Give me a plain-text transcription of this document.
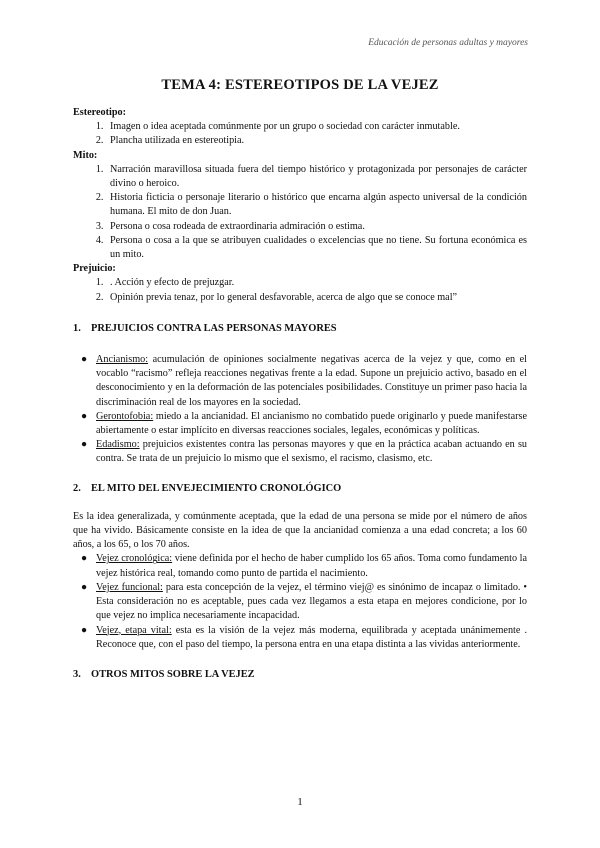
Educación de personas adultas y mayores
TEMA 4: ESTEREOTIPOS DE LA VEJEZ

Estereotipo:

1. Imagen o idea aceptada comúnmente por un grupo o sociedad con carácter inmutable.
2. Plancha utilizada en estereotipia.

Mito:

1. Narración maravillosa situada fuera del tiempo histórico y protagonizada por personajes de carácter divino o heroico.
2. Historia ficticia o personaje literario o histórico que encarna algún aspecto universal de la condición humana. El mito de don Juan.
3. Persona o cosa rodeada de extraordinaria admiración o estima.
4. Persona o cosa a la que se atribuyen cualidades o excelencias que no tiene. Su fortuna económica es un mito.

Prejuicio:

1. . Acción y efecto de prejuzgar.
2. Opinión previa tenaz, por lo general desfavorable, acerca de algo que se conoce mal”
1. PREJUICIOS CONTRA LAS PERSONAS MAYORES
● Ancianismo: acumulación de opiniones socialmente negativas acerca de la vejez y que, como en el vocablo “racismo” refleja reacciones negativas frente a la edad. Supone un prejuicio activo, basado en el desconocimiento y en la deformación de las potenciales posibilidades. Constituye un primer paso hacia la discriminación real de los mayores en la sociedad.
● Gerontofobia: miedo a la ancianidad. El ancianismo no combatido puede originarlo y puede manifestarse abiertamente o estar implícito en diversas reacciones sociales, legales, económicas y políticas.
● Edadismo: prejuicios existentes contra las personas mayores y que en la práctica acaban actuando en su contra. Se trata de un prejuicio lo mismo que el sexismo, el racismo, clasismo, etc.
2. EL MITO DEL ENVEJECIMIENTO CRONOLÓGICO

Es la idea generalizada, y comúnmente aceptada, que la edad de una persona se mide por el número de años que ha vivido. Básicamente consiste en la idea de que la ancianidad comienza a una edad concreta; a los 60 años, a los 65, o los 70 años.

● Vejez cronológica: viene definida por el hecho de haber cumplido los 65 años. Toma como fundamento la vejez histórica real, tomando como punto de partida el nacimiento.
● Vejez funcional: para esta concepción de la vejez, el término viej@ es sinónimo de incapaz o limitado. • Esta consideración no es aceptable, pues cada vez llegamos a esta etapa en mejores condicione, por lo que vejez no implica necesariamente incapacidad.
● Vejez, etapa vital: esta es la visión de la vejez más moderna, equilibrada y aceptada unánimemente . Reconoce que, con el paso del tiempo, la persona entra en una etapa distinta a las vividas anteriormente.
3. OTROS MITOS SOBRE LA VEJEZ
1
